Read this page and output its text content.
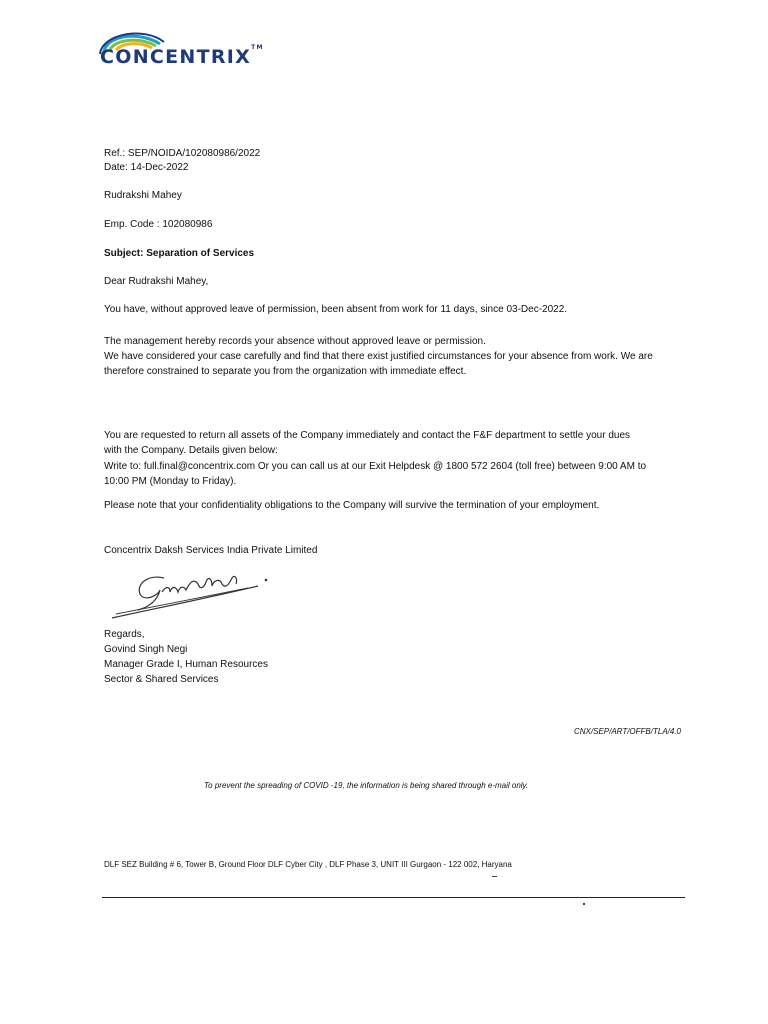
CONCENTRIX™
Ref.: SEP/NOIDA/102080986/2022
Date: 14-Dec-2022
Rudrakshi Mahey
Emp. Code : 102080986
Subject: Separation of Services
Dear Rudrakshi Mahey,
You have, without approved leave of permission, been absent from work for 11 days, since 03-Dec-2022.
The management hereby records your absence without approved leave or permission.
We have considered your case carefully and find that there exist justified circumstances for your absence from work. We are
therefore constrained to separate you from the organization with immediate effect.
You are requested to return all assets of the Company immediately and contact the F&F department to settle your dues
with the Company. Details given below:
Write to: full.final@concentrix.com Or you can call us at our Exit Helpdesk @ 1800 572 2604 (toll free) between 9:00 AM to
10:00 PM (Monday to Friday).
Please note that your confidentiality obligations to the Company will survive the termination of your employment.
Concentrix Daksh Services India Private Limited
Regards,
Govind Singh Negi
Manager Grade I, Human Resources
Sector & Shared Services
CNX/SEP/ART/OFFB/TLA/4.0
To prevent the spreading of COVID -19, the information is being shared through e-mail only.
DLF SEZ Building # 6, Tower B, Ground Floor DLF Cyber City , DLF Phase 3, UNIT III Gurgaon - 122 002, Haryana
